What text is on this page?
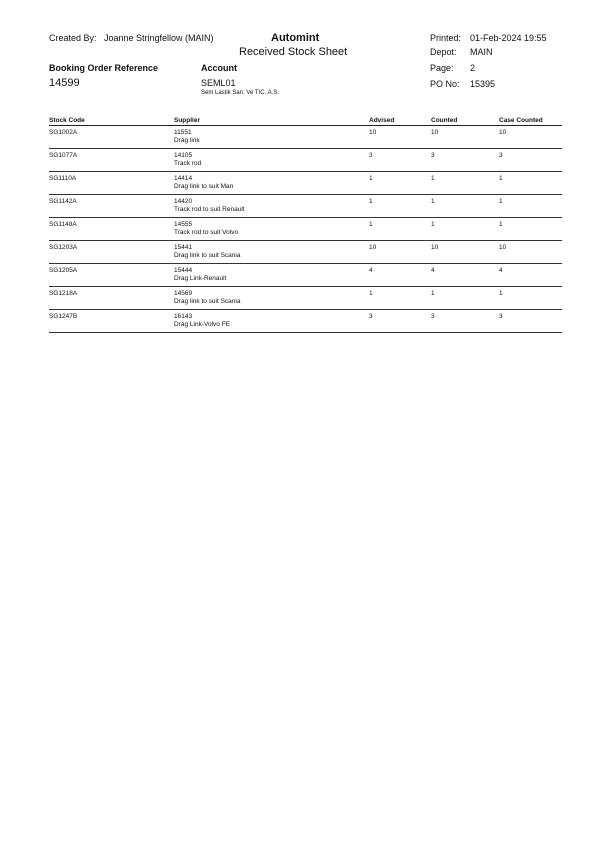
Created By: Joanne Stringfellow (MAIN)	Automint
Received Stock Sheet
Printed: 01-Feb-2024 19:55
Depot: MAIN
Page: 2
Booking Order Reference
14599
Account
SEML01
Sem Lastik San. Ve TIC. A.S.
PO No: 15395
Stock Code	Supplier	Advised	Counted	Case Counted
SG1002A	11551
Drag link	10	10	10
SG1077A	14105
Track rod	3	3	3
SG1110A	14414
Drag link to suit Man	1	1	1
SG1142A	14420
Track rod to suit Renault	1	1	1
SG1148A	14555
Track rod to suit Volvo	1	1	1
SG1203A	15441
Drag link to suit Scania	10	10	10
SG1205A	15444
Drag Link-Renault	4	4	4
SG1218A	14569
Drag link to suit Scania	1	1	1
SG1247B	16143
Drag Link-Volvo FE	3	3	3
